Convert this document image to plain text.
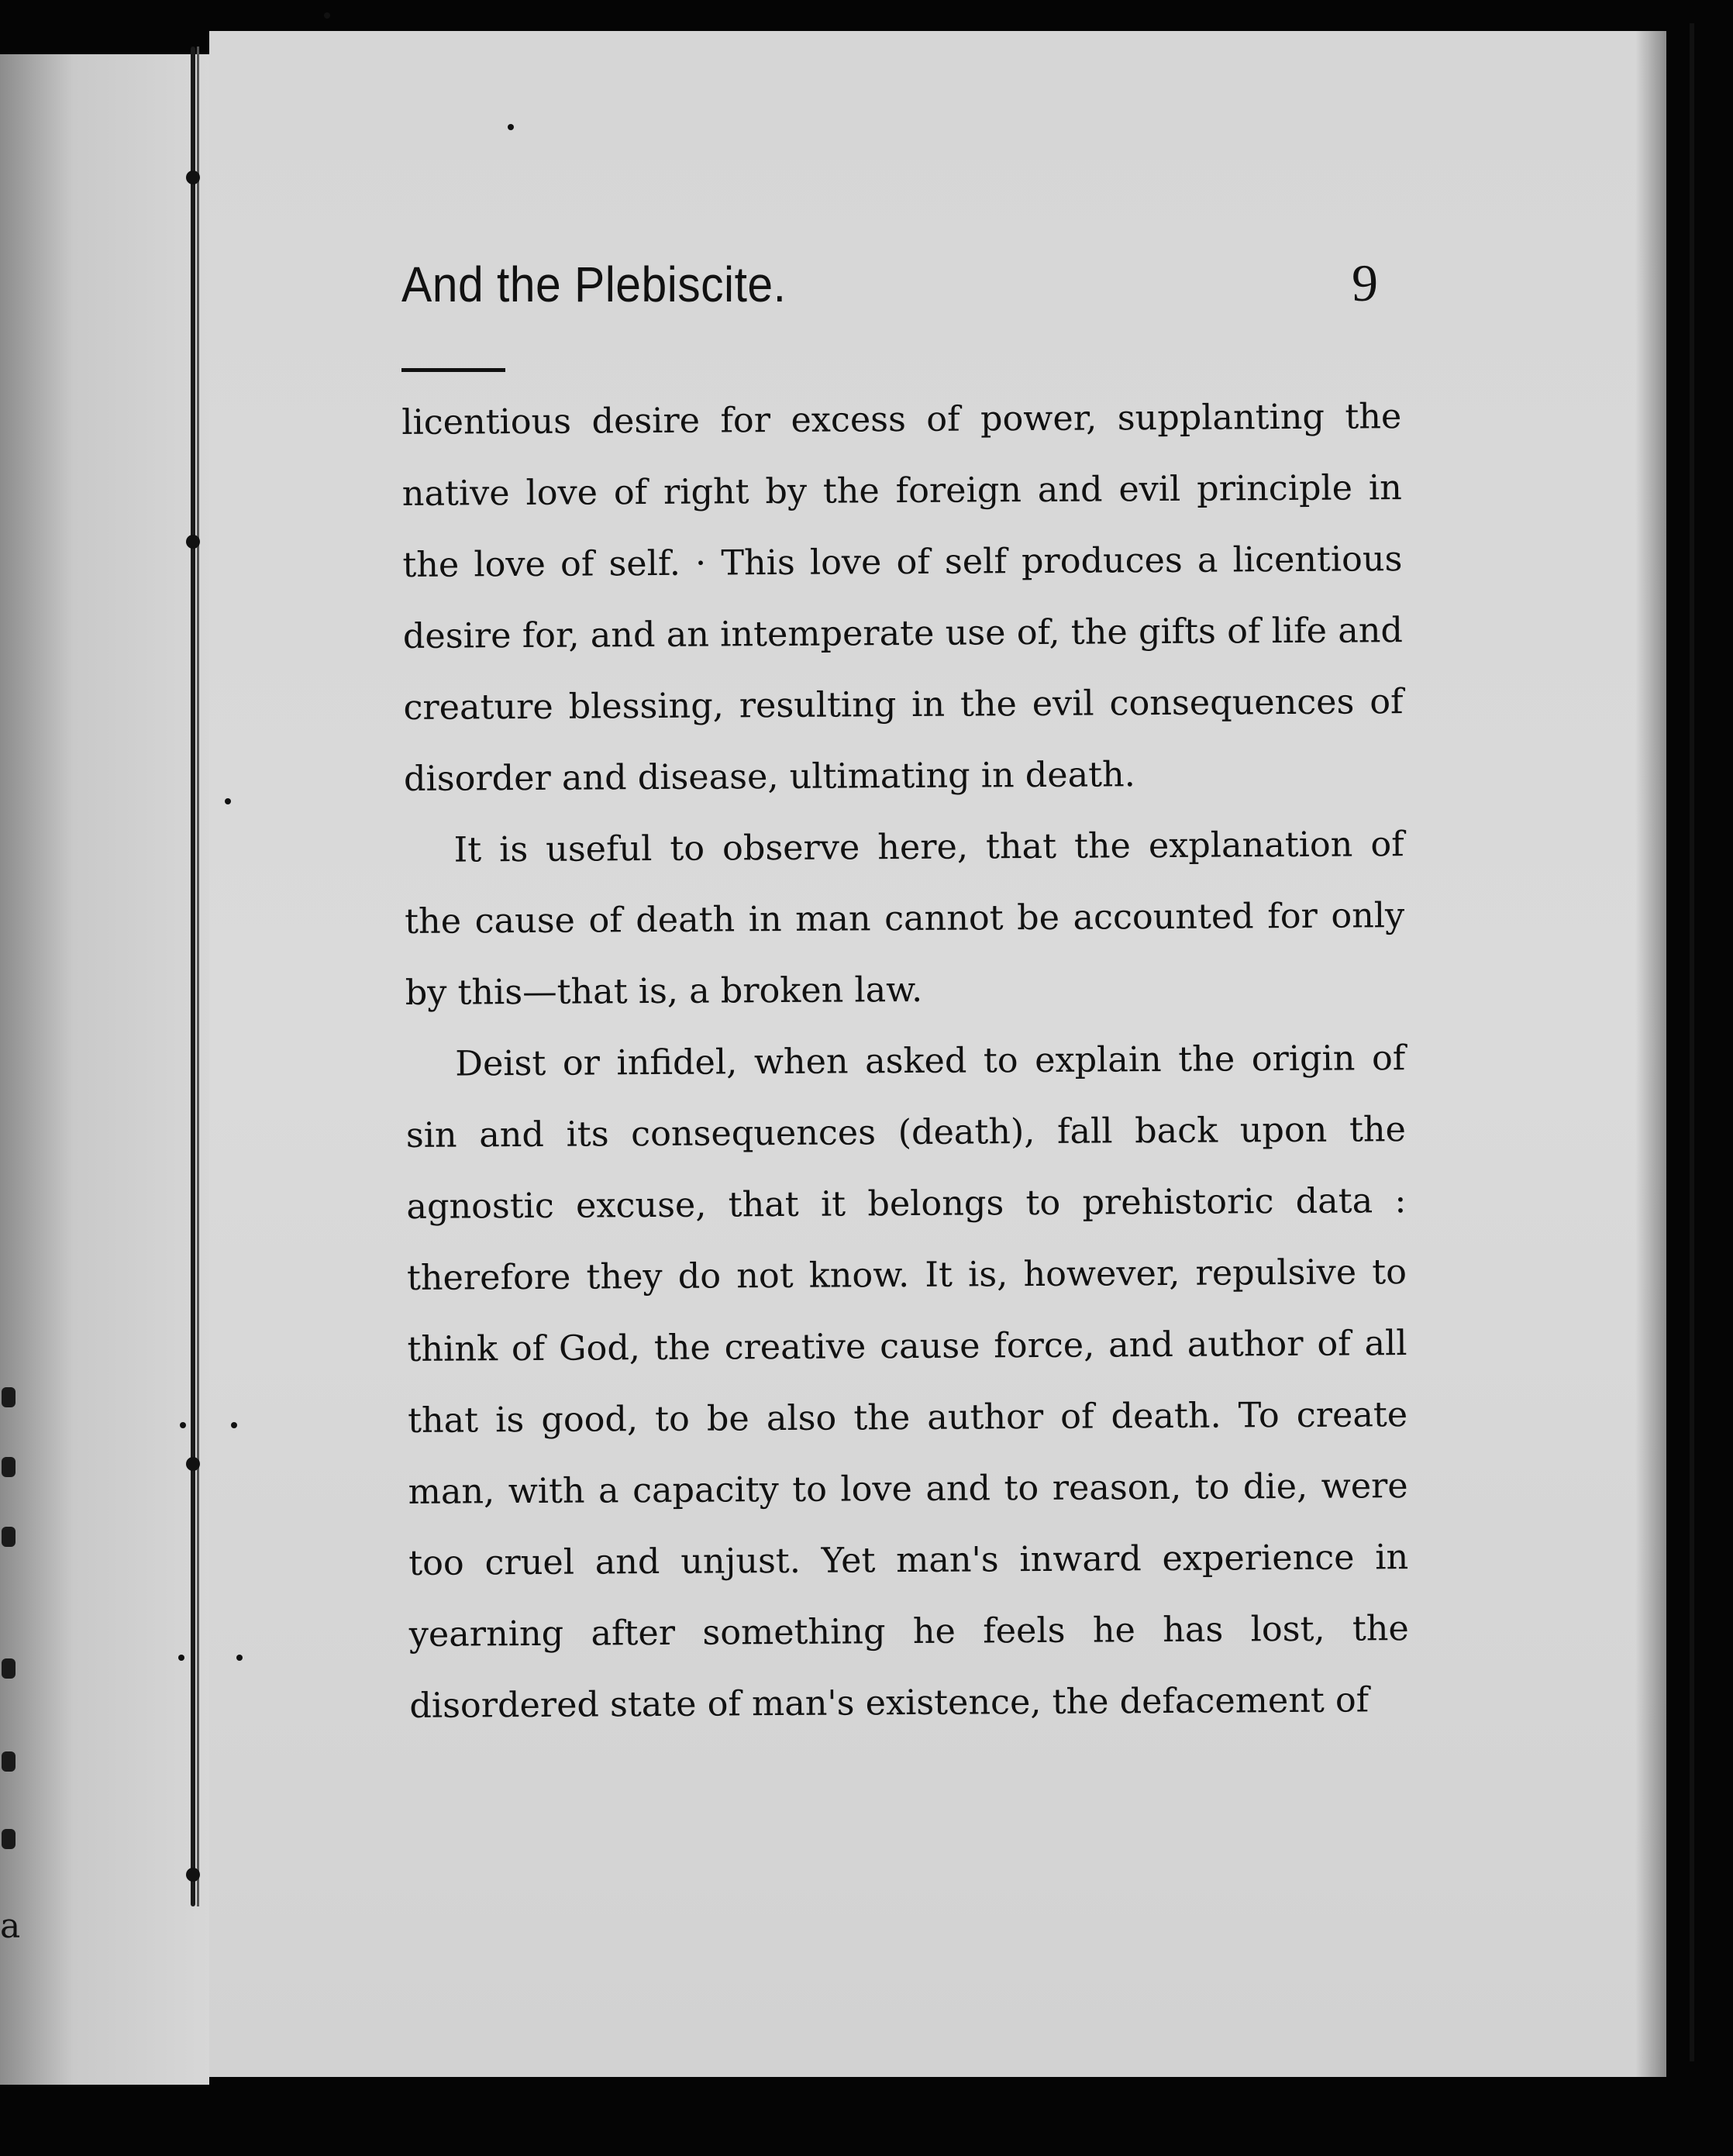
a
And the Plebiscite.	9

licentious desire for excess of power, supplanting the native love of right by the foreign and evil principle in the love of self. · This love of self produces a licentious desire for, and an intemperate use of, the gifts of life and creature blessing, resulting in the evil consequences of disorder and disease, ultimating in death.

It is useful to observe here, that the explanation of the cause of death in man cannot be accounted for only by this—that is, a broken law.

Deist or infidel, when asked to explain the origin of sin and its consequences (death), fall back upon the agnostic excuse, that it belongs to prehistoric data : therefore they do not know. It is, however, repulsive to think of God, the creative cause force, and author of all that is good, to be also the author of death. To create man, with a capacity to love and to reason, to die, were too cruel and unjust. Yet man's inward experience in yearning after something he feels he has lost, the disordered state of man's existence, the defacement of
